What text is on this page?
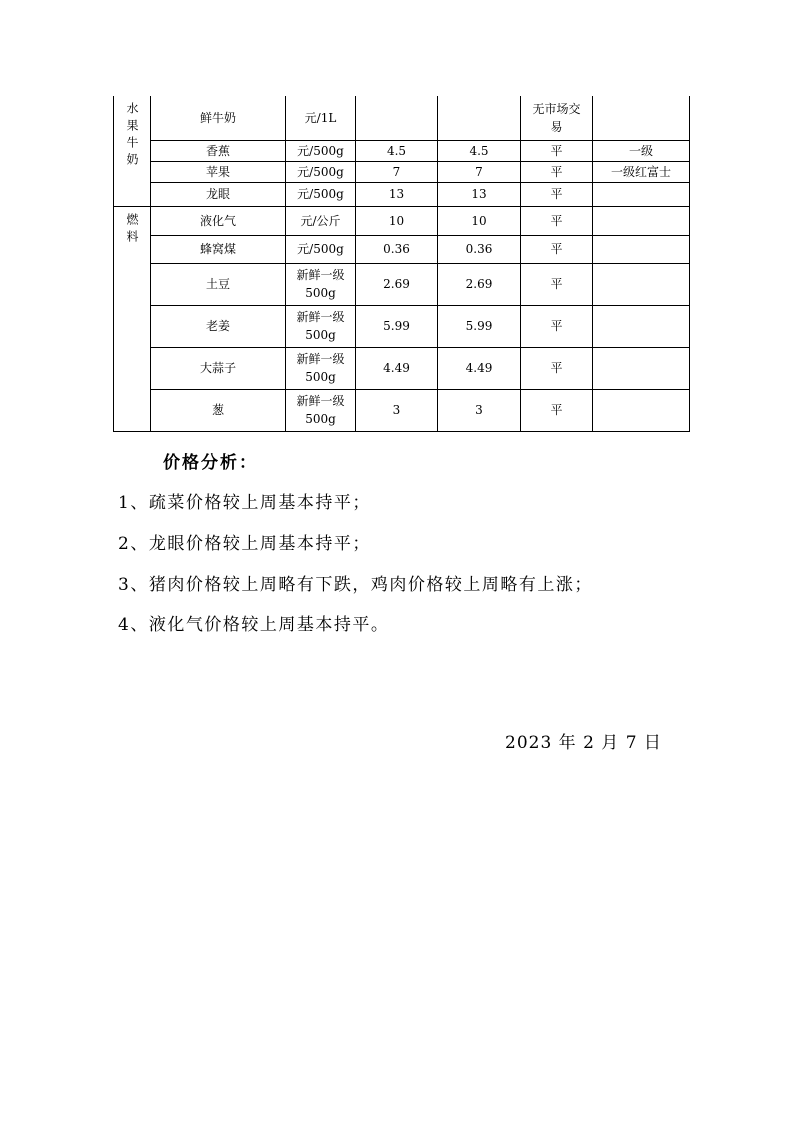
水果牛奶	鲜牛奶	元/1L			无市场交易	
	香蕉	元/500g	4.5	4.5	平	一级
	苹果	元/500g	7	7	平	一级红富士
	龙眼	元/500g	13	13	平	
燃料	液化气	元/公斤	10	10	平	
	蜂窝煤	元/500g	0.36	0.36	平	
	土豆	新鲜一级500g	2.69	2.69	平	
	老姜	新鲜一级500g	5.99	5.99	平	
	大蒜子	新鲜一级500g	4.49	4.49	平	
	葱	新鲜一级500g	3	3	平	
价格分析：
1、疏菜价格较上周基本持平；
2、龙眼价格较上周基本持平；
3、猪肉价格较上周略有下跌，鸡肉价格较上周略有上涨；
4、液化气价格较上周基本持平。
2023 年 2 月 7 日
